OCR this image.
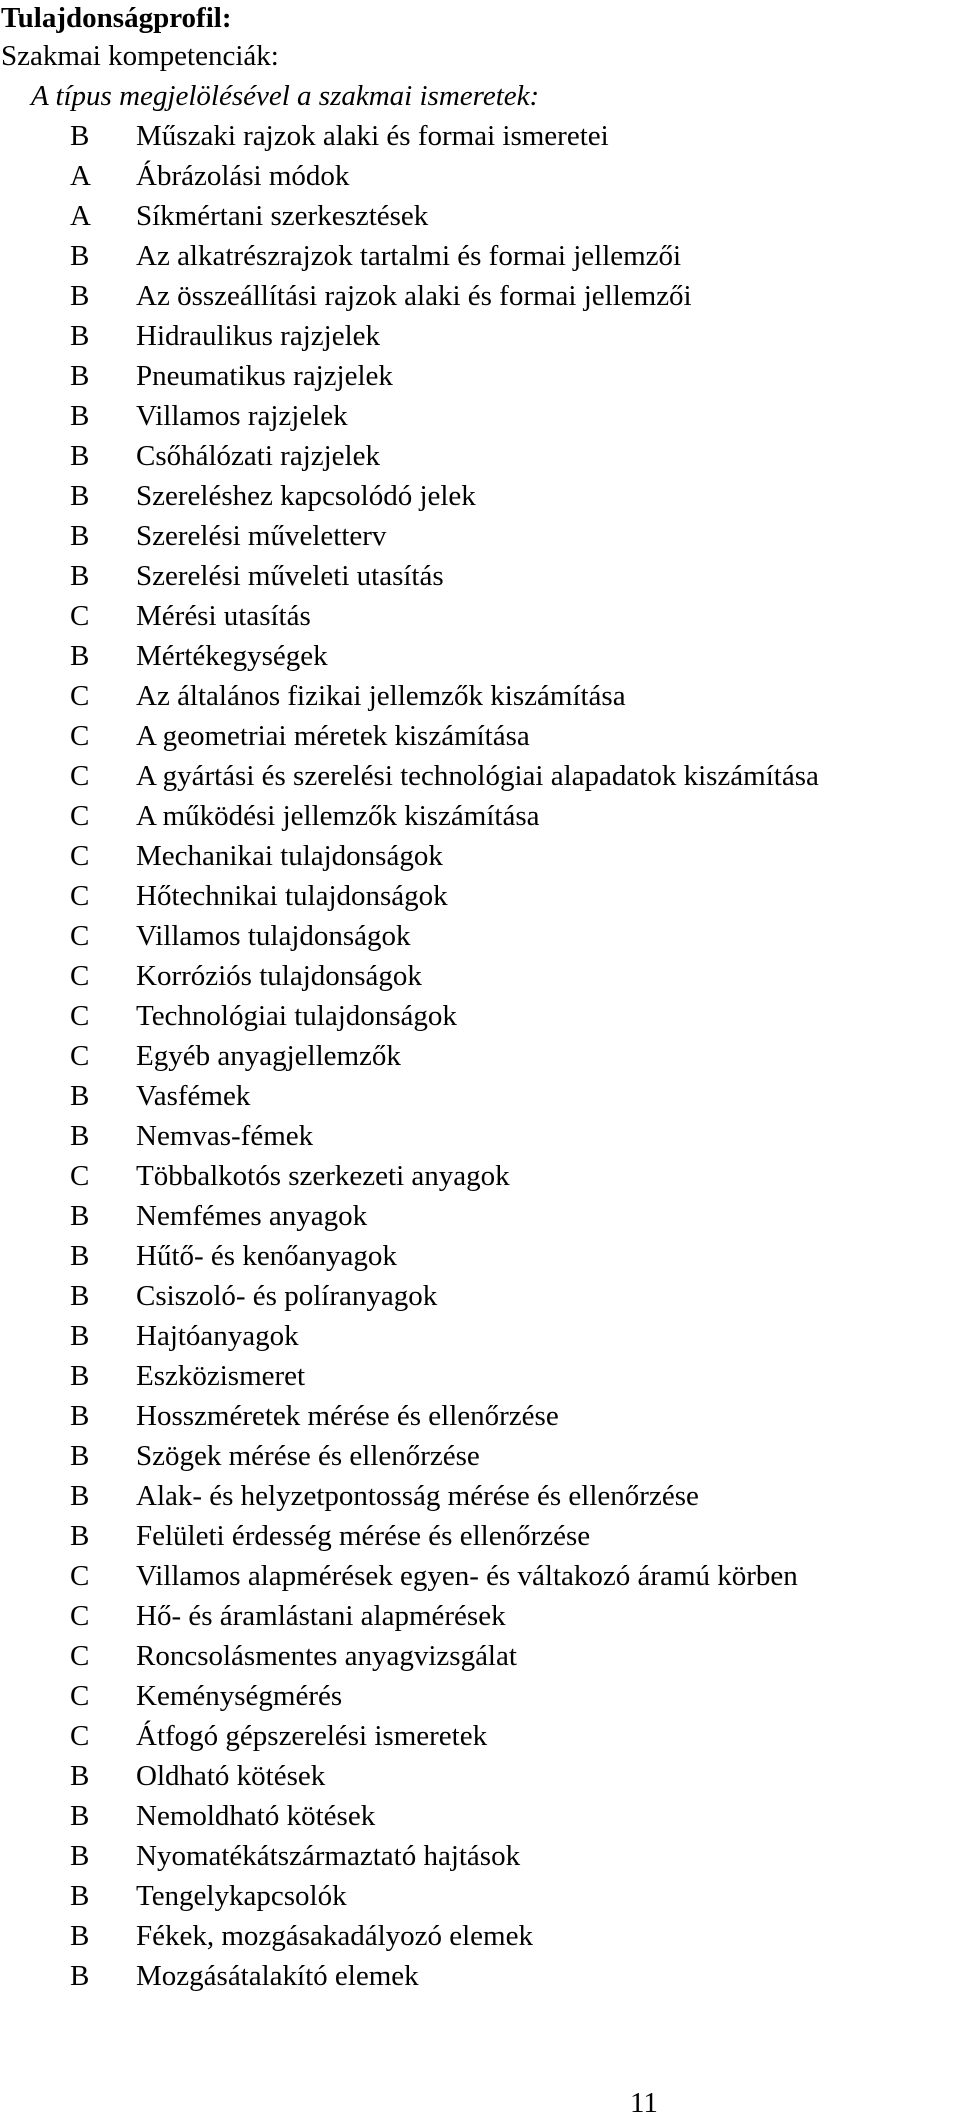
Tulajdonságprofil:
Szakmai kompetenciák:
A típus megjelölésével a szakmai ismeretek:
B	Műszaki rajzok alaki és formai ismeretei
A	Ábrázolási módok
A	Síkmértani szerkesztések
B	Az alkatrészrajzok tartalmi és formai jellemzői
B	Az összeállítási rajzok alaki és formai jellemzői
B	Hidraulikus rajzjelek
B	Pneumatikus rajzjelek
B	Villamos rajzjelek
B	Csőhálózati rajzjelek
B	Szereléshez kapcsolódó jelek
B	Szerelési műveletterv
B	Szerelési műveleti utasítás
C	Mérési utasítás
B	Mértékegységek
C	Az általános fizikai jellemzők kiszámítása
C	A geometriai méretek kiszámítása
C	A gyártási és szerelési technológiai alapadatok kiszámítása
C	A működési jellemzők kiszámítása
C	Mechanikai tulajdonságok
C	Hőtechnikai tulajdonságok
C	Villamos tulajdonságok
C	Korróziós tulajdonságok
C	Technológiai tulajdonságok
C	Egyéb anyagjellemzők
B	Vasfémek
B	Nemvas-fémek
C	Többalkotós szerkezeti anyagok
B	Nemfémes anyagok
B	Hűtő- és kenőanyagok
B	Csiszoló- és políranyagok
B	Hajtóanyagok
B	Eszközismeret
B	Hosszméretek mérése és ellenőrzése
B	Szögek mérése és ellenőrzése
B	Alak- és helyzetpontosság mérése és ellenőrzése
B	Felületi érdesség mérése és ellenőrzése
C	Villamos alapmérések egyen- és váltakozó áramú körben
C	Hő- és áramlástani alapmérések
C	Roncsolásmentes anyagvizsgálat
C	Keménységmérés
C	Átfogó gépszerelési ismeretek
B	Oldható kötések
B	Nemoldható kötések
B	Nyomatékátszármaztató hajtások
B	Tengelykapcsolók
B	Fékek, mozgásakadályozó elemek
B	Mozgásátalakító elemek
11
